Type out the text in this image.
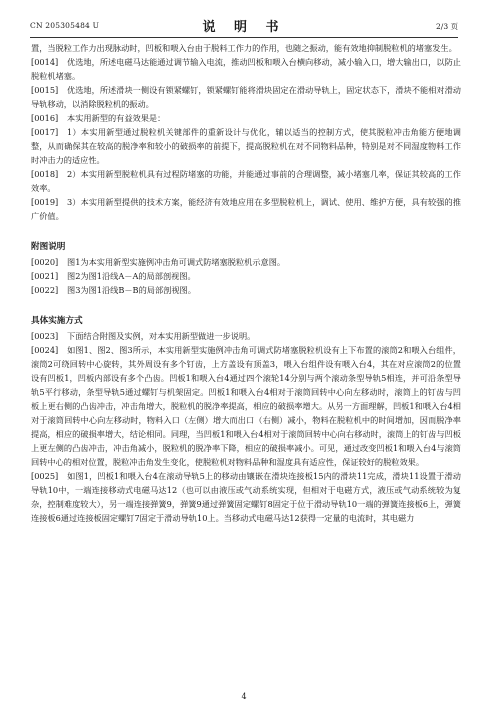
CN 205305484 U	说 明 书	2/3 页

置，当脱粒工作力出现脉动时，凹板和喂入台由于脱料工作力的作用，也随之振动，能有效地抑制脱粒机的堵塞发生。

[0014] 优选地，所述电磁马达能通过调节输入电流，推动凹板和喂入台横向移动，减小输入口，增大输出口，以防止脱粒机堵塞。

[0015] 优选地，所述滑块一侧设有锁紧螺钉，锁紧螺钉能将滑块固定在滑动导轨上，固定状态下，滑块不能相对滑动导轨移动，以消除脱粒机的振动。

[0016] 本实用新型的有益效果是：

[0017] 1）本实用新型通过脱粒机关键部件的重新设计与优化，辅以适当的控制方式，使其脱粒冲击角能方便地调整，从而确保其在较高的脱净率和较小的破损率的前提下，提高脱粒机在对不同物料品种，特别是对不同湿度物料工作时冲击力的适应性。

[0018] 2）本实用新型脱粒机具有过程防堵塞的功能，并能通过事前的合理调整，减小堵塞几率，保证其较高的工作效率。

[0019] 3）本实用新型提供的技术方案，能经济有效地应用在多型脱粒机上，调试、使用、维护方便，具有较强的推广价值。

附图说明

[0020] 图1为本实用新型实施例冲击角可调式防堵塞脱粒机示意图。

[0021] 图2为图1沿线A－A的局部剖视图。

[0022] 图3为图1沿线B－B的局部剖视图。

具体实施方式

[0023] 下面结合附图及实例，对本实用新型做进一步说明。

[0024] 如图1、图2、图3所示，本实用新型实施例冲击角可调式防堵塞脱粒机设有上下布置的滚筒2和喂入台组件，滚筒2可绕回转中心旋转，其外周设有多个钉齿，上方盖设有顶盖3，喂入台组件设有喂入台4，其在对应滚筒2的位置设有凹板1，凹板内部设有多个凸齿。凹板1和喂入台4通过四个滚轮14分别与两个滚动条型导轨5相连，并可沿条型导轨5平行移动，条型导轨5通过螺钉与机架固定。凹板1和喂入台4相对于滚筒回转中心向左移动时，滚筒上的钉齿与凹板上更右侧的凸齿冲击，冲击角增大，脱粒机的脱净率提高，相应的破损率增大。从另一方面理解，凹板1和喂入台4相对于滚筒回转中心向左移动时，物料入口（左侧）增大而出口（右侧）减小，物料在脱粒机中的时间增加，因而脱净率提高，相应的破损率增大，结论相同。同理，当凹板1和喂入台4相对于滚筒回转中心向右移动时，滚筒上的钉齿与凹板上更左侧的凸齿冲击，冲击角减小，脱粒机的脱净率下降，相应的破损率减小。可见，通过改变凹板1和喂入台4与滚筒回转中心的相对位置，脱粒冲击角发生变化，使脱粒机对物料品种和湿度具有适应性，保证较好的脱粒效果。

[0025] 如图1，凹板1和喂入台4在滚动导轨5上的移动由镶嵌在滑块连接板15内的滑块11完成，滑块11设置于滑动导轨10中，一端连接移动式电磁马达12（也可以由液压或气动系统实现，但相对于电磁方式，液压或气动系统较为复杂，控制难度较大），另一端连接弹簧9，弹簧9通过弹簧固定螺钉8固定于位于滑动导轨10一端的弹簧连接板6上，弹簧连接板6通过连接板固定螺钉7固定于滑动导轨10上。当移动式电磁马达12获得一定量的电流时，其电磁力

4
